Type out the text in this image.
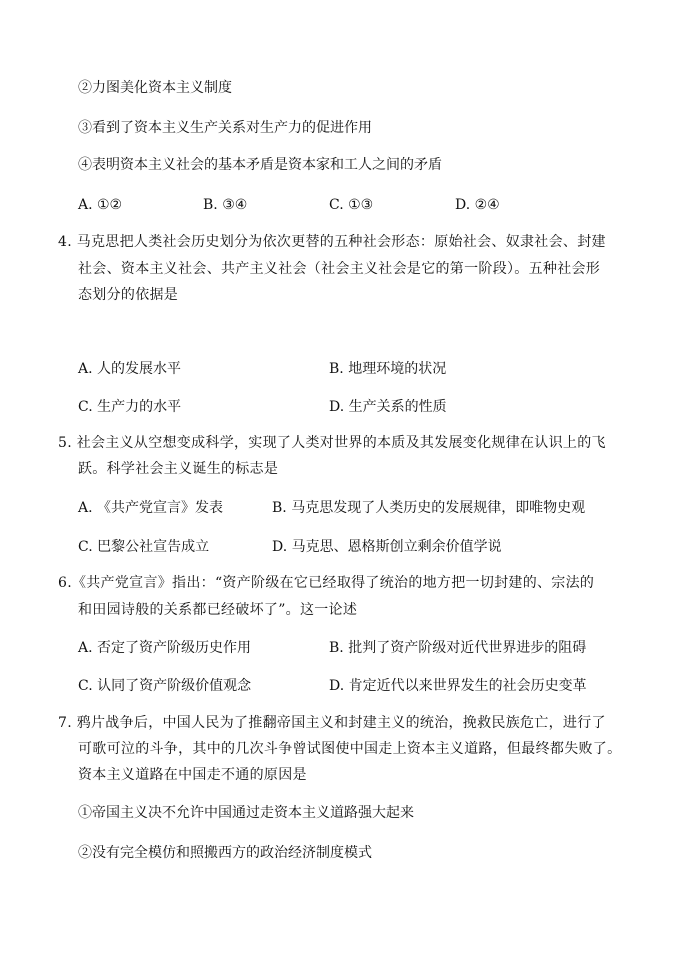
②力图美化资本主义制度
③看到了资本主义生产关系对生产力的促进作用
④表明资本主义社会的基本矛盾是资本家和工人之间的矛盾
A. ①②	B. ③④	C. ①③	D. ②④
4. 马克思把人类社会历史划分为依次更替的五种社会形态：原始社会、奴隶社会、封建
社会、资本主义社会、共产主义社会（社会主义社会是它的第一阶段）。五种社会形
态划分的依据是
A. 人的发展水平	B. 地理环境的状况
C. 生产力的水平	D. 生产关系的性质
5. 社会主义从空想变成科学，实现了人类对世界的本质及其发展变化规律在认识上的飞
跃。科学社会主义诞生的标志是
A. 《共产党宣言》发表	B. 马克思发现了人类历史的发展规律，即唯物史观
C. 巴黎公社宣告成立	D. 马克思、恩格斯创立剩余价值学说
6.《共产党宣言》指出：“资产阶级在它已经取得了统治的地方把一切封建的、宗法的
和田园诗般的关系都已经破坏了”。这一论述
A. 否定了资产阶级历史作用	B. 批判了资产阶级对近代世界进步的阻碍
C. 认同了资产阶级价值观念	D. 肯定近代以来世界发生的社会历史变革
7. 鸦片战争后，中国人民为了推翻帝国主义和封建主义的统治，挽救民族危亡，进行了
可歌可泣的斗争，其中的几次斗争曾试图使中国走上资本主义道路，但最终都失败了。
资本主义道路在中国走不通的原因是
①帝国主义决不允许中国通过走资本主义道路强大起来
②没有完全模仿和照搬西方的政治经济制度模式
